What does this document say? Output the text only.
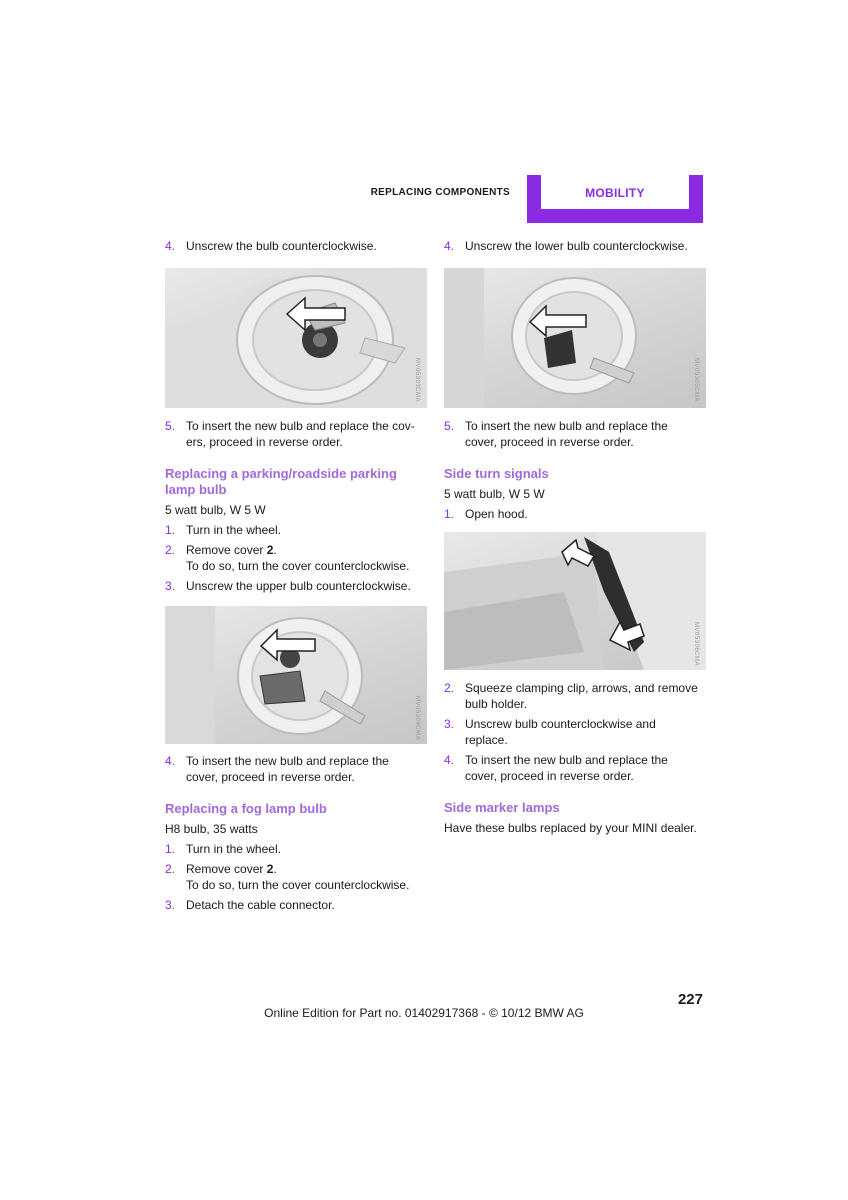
REPLACING COMPONENTS	MOBILITY
4. Unscrew the bulb counterclockwise.
MV05303CMA
5. To insert the new bulb and replace the cov-
ers, proceed in reverse order.
Replacing a parking/roadside parking lamp bulb
5 watt bulb, W 5 W
1. Turn in the wheel.
2. Remove cover 2.
To do so, turn the cover counterclockwise.
3. Unscrew the upper bulb counterclockwise.
MV05304CMA
4. To insert the new bulb and replace the
cover, proceed in reverse order.
Replacing a fog lamp bulb
H8 bulb, 35 watts
1. Turn in the wheel.
2. Remove cover 2.
To do so, turn the cover counterclockwise.
3. Detach the cable connector.
4. Unscrew the lower bulb counterclockwise.
MV05305CMA
5. To insert the new bulb and replace the
cover, proceed in reverse order.
Side turn signals
5 watt bulb, W 5 W
1. Open hood.
MV05306CMA
2. Squeeze clamping clip, arrows, and remove
bulb holder.
3. Unscrew bulb counterclockwise and
replace.
4. To insert the new bulb and replace the
cover, proceed in reverse order.
Side marker lamps
Have these bulbs replaced by your MINI dealer.
227
Online Edition for Part no. 01402917368 - © 10/12 BMW AG
